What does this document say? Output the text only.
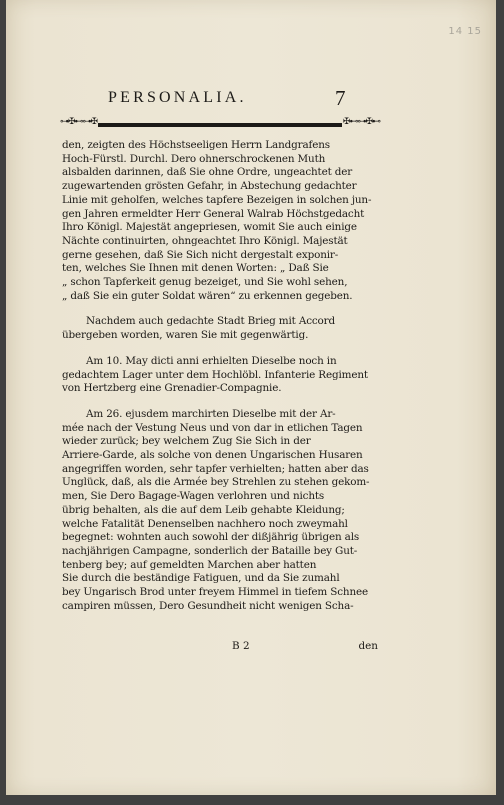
14 15
PERSONALIA.	7
⊶✠⊷⊶✠	✠⊷⊶✠⊷

den, zeigten des Höchstseeligen Herrn Landgrafens
Hoch-Fürstl. Durchl. Dero ohnerschrockenen Muth
alsbalden darinnen, daß Sie ohne Ordre, ungeachtet der
zugewartenden grösten Gefahr, in Abstechung gedachter
Linie mit geholfen, welches tapfere Bezeigen in solchen jun-
gen Jahren ermeldter Herr General Walrab Höchstgedacht
Ihro Königl. Majestät angepriesen, womit Sie auch einige
Nächte continuirten, ohngeachtet Ihro Königl. Majestät
gerne gesehen, daß Sie Sich nicht dergestalt exponir-
ten, welches Sie Ihnen mit denen Worten: „ Daß Sie
„ schon Tapferkeit genug bezeiget, und Sie wohl sehen,
„ daß Sie ein guter Soldat wären“ zu erkennen gegeben.

Nachdem auch gedachte Stadt Brieg mit Accord
übergeben worden, waren Sie mit gegenwärtig.

Am 10. May dicti anni erhielten Dieselbe noch in
gedachtem Lager unter dem Hochlöbl. Infanterie Regiment
von Hertzberg eine Grenadier-Compagnie.

Am 26. ejusdem marchirten Dieselbe mit der Ar-
mée nach der Vestung Neus und von dar in etlichen Tagen
wieder zurück; bey welchem Zug Sie Sich in der
Arriere-Garde, als solche von denen Ungarischen Husaren
angegriffen worden, sehr tapfer verhielten; hatten aber das
Unglück, daß, als die Armée bey Strehlen zu stehen gekom-
men, Sie Dero Bagage-Wagen verlohren und nichts
übrig behalten, als die auf dem Leib gehabte Kleidung;
welche Fatalität Denenselben nachhero noch zweymahl
begegnet: wohnten auch sowohl der dißjährig übrigen als
nachjährigen Campagne, sonderlich der Bataille bey Gut-
tenberg bey; auf gemeldten Marchen aber hatten
Sie durch die beständige Fatiguen, und da Sie zumahl
bey Ungarisch Brod unter freyem Himmel in tiefem Schnee
campiren müssen, Dero Gesundheit nicht wenigen Scha-

B 2	den
